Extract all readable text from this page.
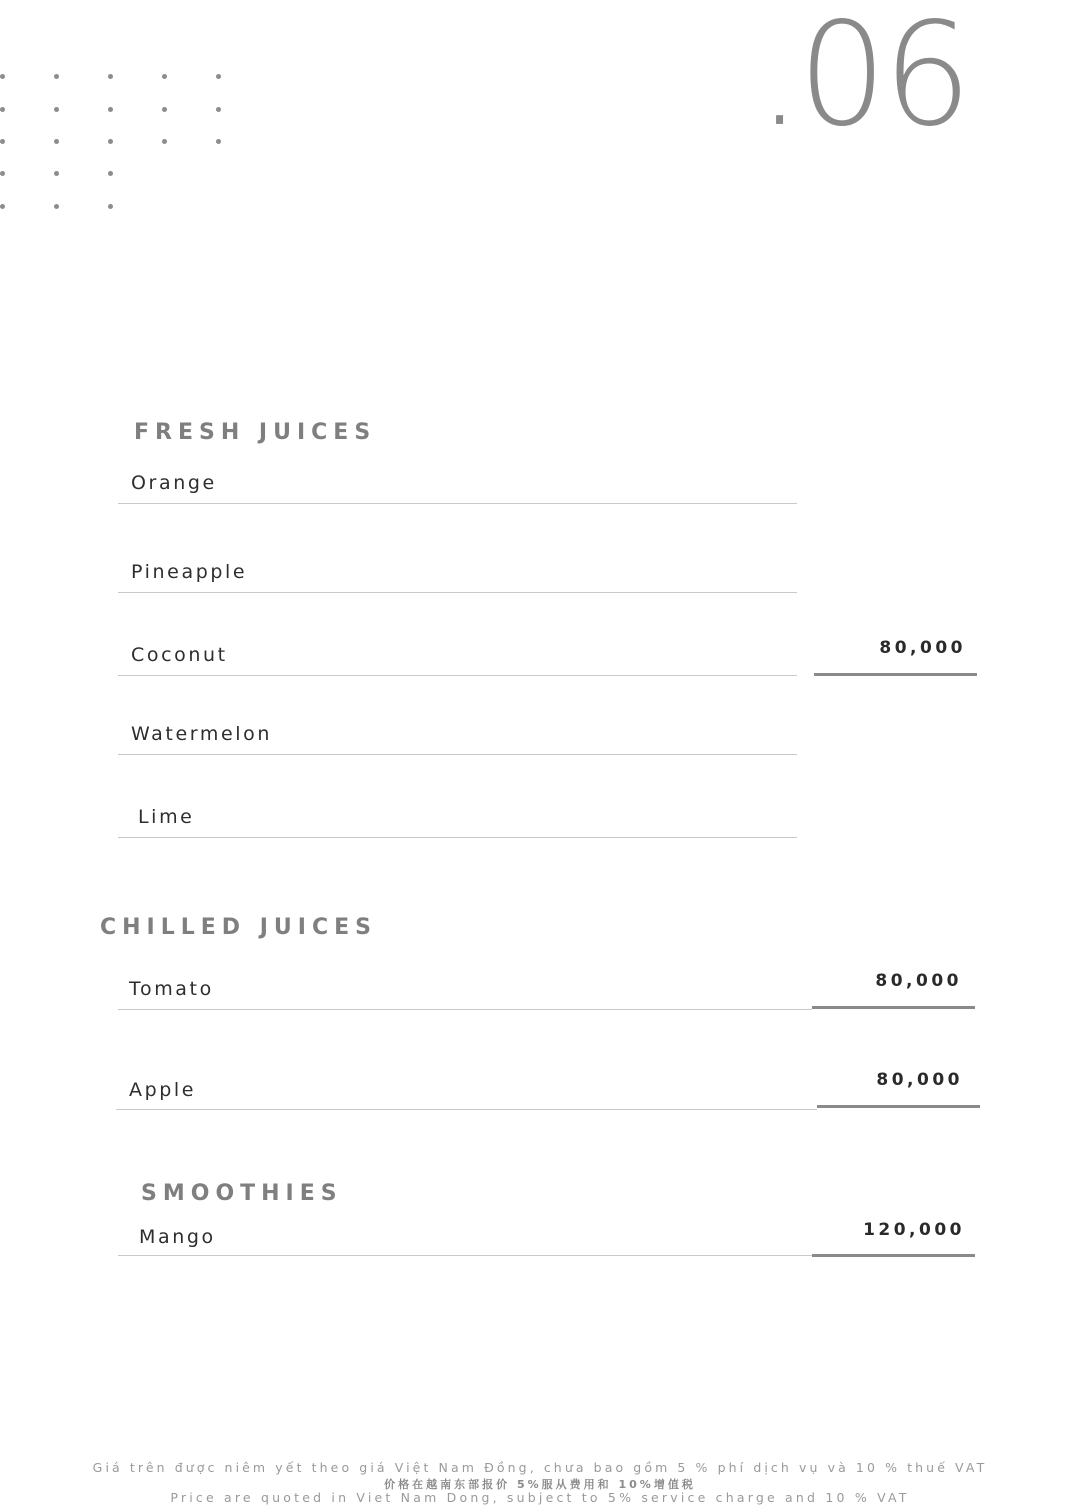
.06
FRESH JUICES
Orange
Pineapple
Coconut	80,000
Watermelon
Lime
CHILLED JUICES
Tomato	80,000
Apple	80,000
SMOOTHIES
Mango	120,000
Giá trên được niêm yết theo giá Việt Nam Đồng, chưa bao gồm 5 % phí dịch vụ và 10 % thuế VAT
价格在越南东部报价 5%服从费用和 10%增值税
Price are quoted in Viet Nam Dong, subject to 5% service charge and 10 % VAT
